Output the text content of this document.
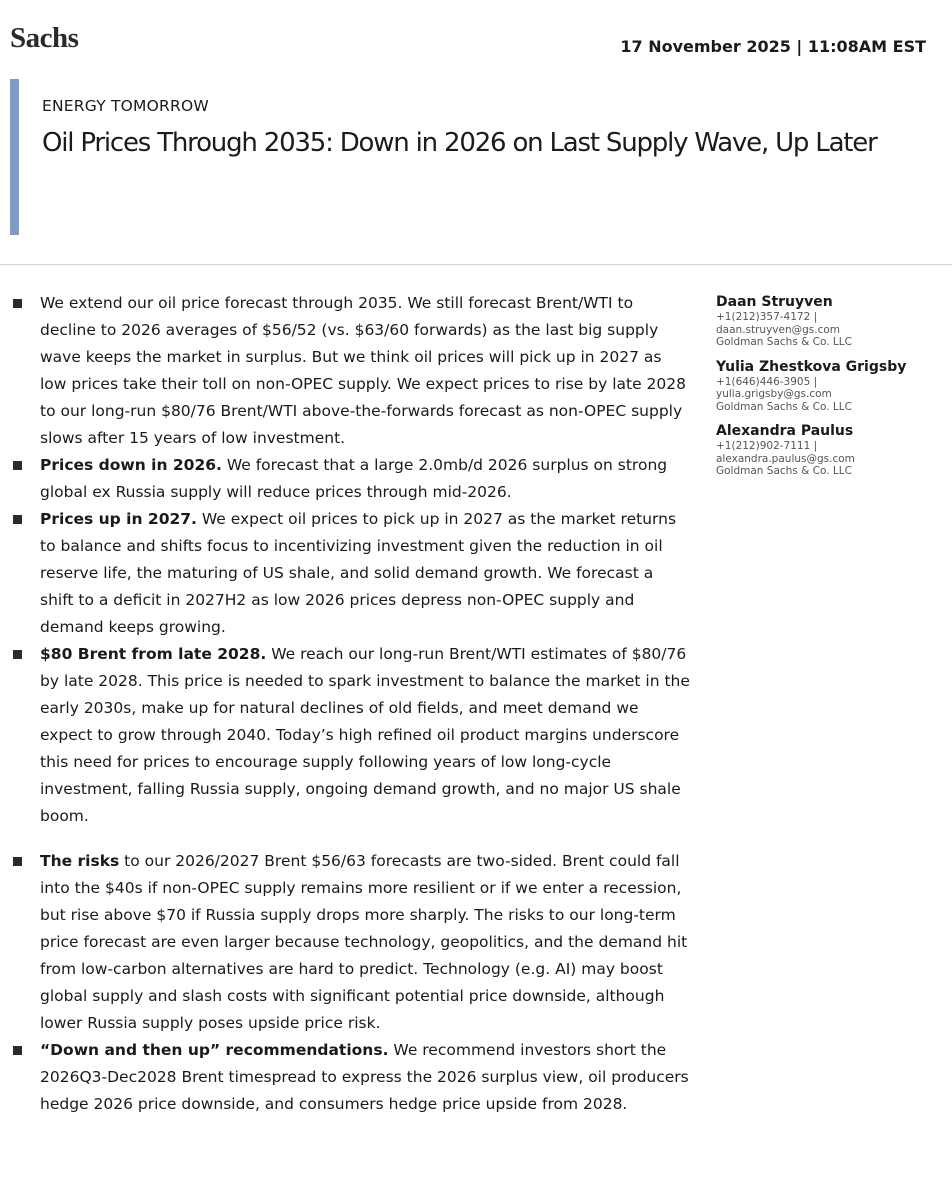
Sachs	17 November 2025 | 11:08AM EST
ENERGY TOMORROW
Oil Prices Through 2035: Down in 2026 on Last Supply Wave, Up Later
We extend our oil price forecast through 2035. We still forecast Brent/WTI to decline to 2026 averages of $56/52 (vs. $63/60 forwards) as the last big supply wave keeps the market in surplus. But we think oil prices will pick up in 2027 as low prices take their toll on non-OPEC supply. We expect prices to rise by late 2028 to our long-run $80/76 Brent/WTI above-the-forwards forecast as non-OPEC supply slows after 15 years of low investment.
Prices down in 2026. We forecast that a large 2.0mb/d 2026 surplus on strong global ex Russia supply will reduce prices through mid-2026.
Prices up in 2027. We expect oil prices to pick up in 2027 as the market returns to balance and shifts focus to incentivizing investment given the reduction in oil reserve life, the maturing of US shale, and solid demand growth. We forecast a shift to a deficit in 2027H2 as low 2026 prices depress non-OPEC supply and demand keeps growing.
$80 Brent from late 2028. We reach our long-run Brent/WTI estimates of $80/76 by late 2028. This price is needed to spark investment to balance the market in the early 2030s, make up for natural declines of old fields, and meet demand we expect to grow through 2040. Today’s high refined oil product margins underscore this need for prices to encourage supply following years of low long-cycle investment, falling Russia supply, ongoing demand growth, and no major US shale boom.
The risks to our 2026/2027 Brent $56/63 forecasts are two-sided. Brent could fall into the $40s if non-OPEC supply remains more resilient or if we enter a recession, but rise above $70 if Russia supply drops more sharply. The risks to our long-term price forecast are even larger because technology, geopolitics, and the demand hit from low-carbon alternatives are hard to predict. Technology (e.g. AI) may boost global supply and slash costs with significant potential price downside, although lower Russia supply poses upside price risk.
“Down and then up” recommendations. We recommend investors short the 2026Q3-Dec2028 Brent timespread to express the 2026 surplus view, oil producers hedge 2026 price downside, and consumers hedge price upside from 2028.
Daan Struyven
+1(212)357-4172 |
daan.struyven@gs.com
Goldman Sachs & Co. LLC
Yulia Zhestkova Grigsby
+1(646)446-3905 |
yulia.grigsby@gs.com
Goldman Sachs & Co. LLC
Alexandra Paulus
+1(212)902-7111 |
alexandra.paulus@gs.com
Goldman Sachs & Co. LLC
